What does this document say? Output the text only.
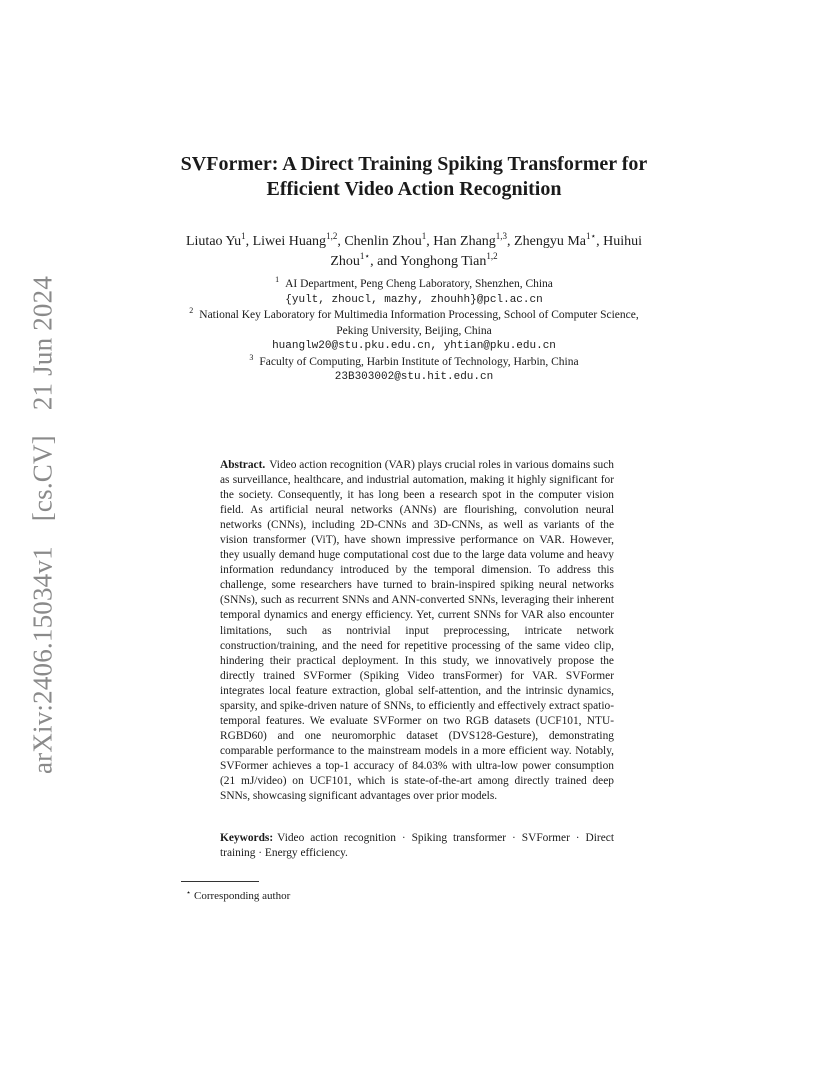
arXiv:2406.15034v1 [cs.CV] 21 Jun 2024
SVFormer: A Direct Training Spiking Transformer for
Efficient Video Action Recognition
Liutao Yu$^1$, Liwei Huang$^{1,2}$, Chenlin Zhou$^1$, Han Zhang$^{1,3}$, Zhengyu $Ma^{1⋆}$, Huihui Zhou$^{1⋆}$, and Yonghong Tian$^{1,2}$
$^1$ AI Department, Peng Cheng Laboratory, Shenzhen, China
{yult, zhoucl, mazhy, zhouhh}@pcl.ac.cn
$^2$ National Key Laboratory for Multimedia Information Processing, School of Computer Science,
Peking University, Beijing, China
huanglw20@stu.pku.edu.cn, yhtian@pku.edu.cn
$^3$ Faculty of Computing, Harbin Institute of Technology, Harbin, China
23B303002@stu.hit.edu.cn
Abstract. Video action recognition (VAR) plays crucial roles in various domains such as surveillance, healthcare, and industrial automation, making it highly significant for the society. Consequently, it has long been a research spot in the computer vision field. As artificial neural networks (ANNs) are flourishing, convolution neural networks (CNNs), including 2D-CNNs and 3D-CNNs, as well as variants of the vision transformer (ViT), have shown impressive performance on VAR. However, they usually demand huge computational cost due to the large data volume and heavy information redundancy introduced by the temporal dimension. To address this challenge, some researchers have turned to brain-inspired spiking neural networks (SNNs), such as recurrent SNNs and ANN-converted SNNs, leveraging their inherent temporal dynamics and energy efficiency. Yet, current SNNs for VAR also encounter limitations, such as nontrivial input preprocessing, intricate network construction/training, and the need for repetitive processing of the same video clip, hindering their practical deployment. In this study, we innovatively propose the directly trained SVFormer (Spiking Video transFormer) for VAR. SVFormer integrates local feature extraction, global self-attention, and the intrinsic dynamics, sparsity, and spike-driven nature of SNNs, to efficiently and effectively extract spatio-temporal features. We evaluate SVFormer on two RGB datasets (UCF101, NTU-RGBD60) and one neuromorphic dataset (DVS128-Gesture), demonstrating comparable performance to the mainstream models in a more efficient way. Notably, SVFormer achieves a top-1 accuracy of 84.03% with ultra-low power consumption (21 mJ/video) on UCF101, which is state-of-the-art among directly trained deep SNNs, showcasing significant advantages over prior models.
Keywords: Video action recognition · Spiking transformer · SVFormer · Direct training · Energy efficiency.
⋆ Corresponding author
